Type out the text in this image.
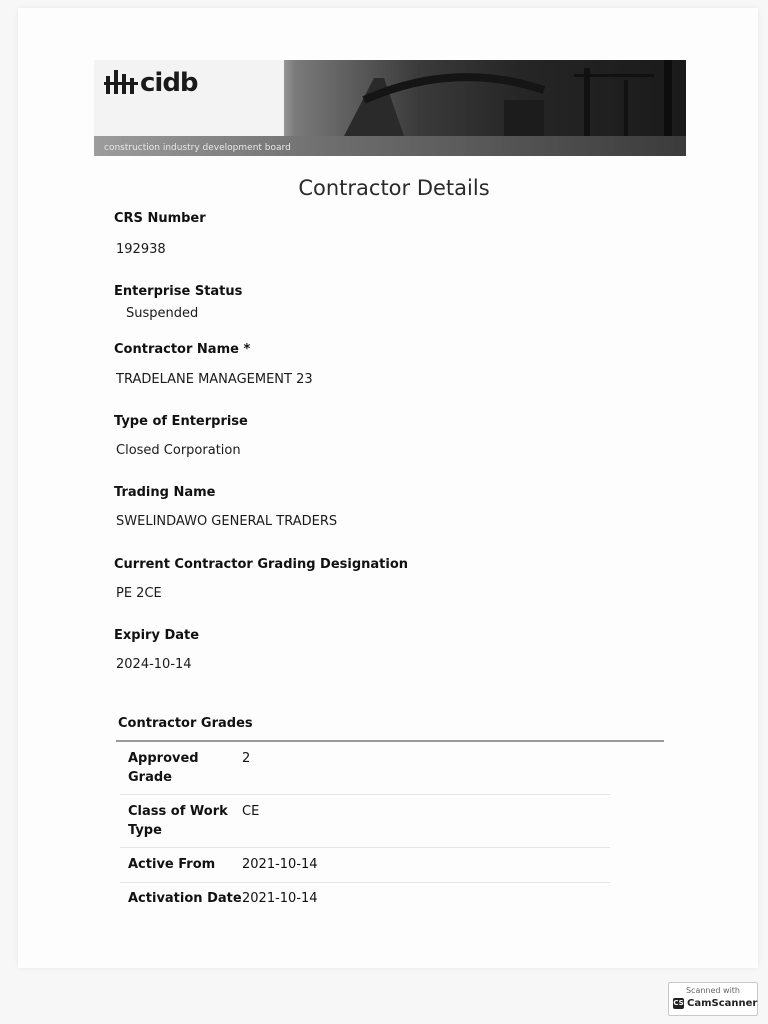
cidb
construction industry development board
Contractor Details
CRS Number
192938
Enterprise Status
Suspended
Contractor Name *
TRADELANE MANAGEMENT 23
Type of Enterprise
Closed Corporation
Trading Name
SWELINDAWO GENERAL TRADERS
Current Contractor Grading Designation
PE 2CE
Expiry Date
2024-10-14
Contractor Grades
Approved Grade
2
Class of Work Type
CE
Active From	2021-10-14
Activation Date 2021-10-14
Scanned with
CS CamScanner
